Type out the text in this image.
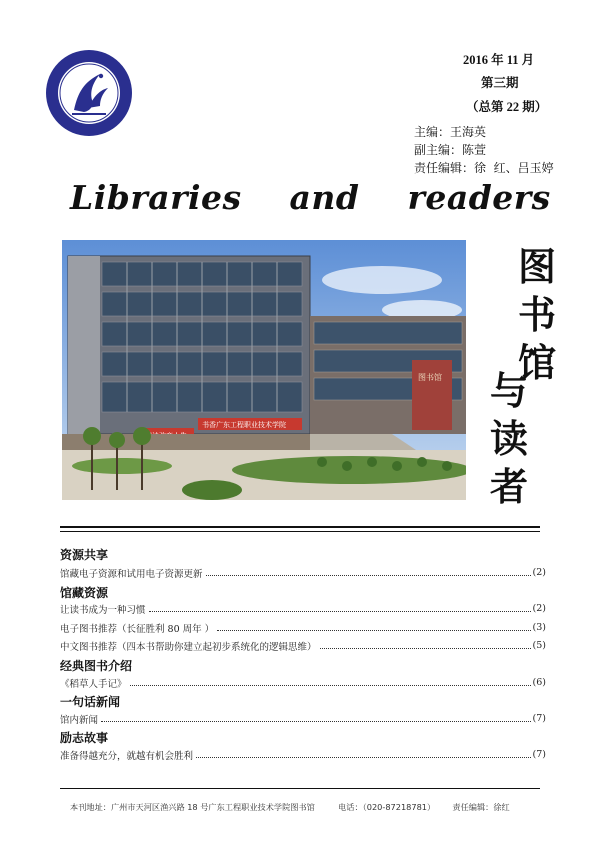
2016 年 11 月
第三期
（总第 22 期）
主编：王海英
副主编：陈萱
责任编辑：徐  红、吕玉婷
Libraries    and    readers
书香广东工程职业技术学院
图书馆
图
书
馆
与
读
者
资源共享
馆藏电子资源和试用电子资源更新	(2)
馆藏资源
让读书成为一种习惯	(2)
电子图书推荐（长征胜利 80 周年 ）	(3)
中文图书推荐（四本书帮助你建立起初步系统化的逻辑思维）	(5)
经典图书介绍
《稻草人手记》	(6)
一句话新闻
馆内新闻	(7)
励志故事
准备得越充分，就越有机会胜利	(7)
本刊地址：广州市天河区渔兴路 18 号广东工程职业技术学院图书馆	电话：（020-87218781） 责任编辑：徐红
